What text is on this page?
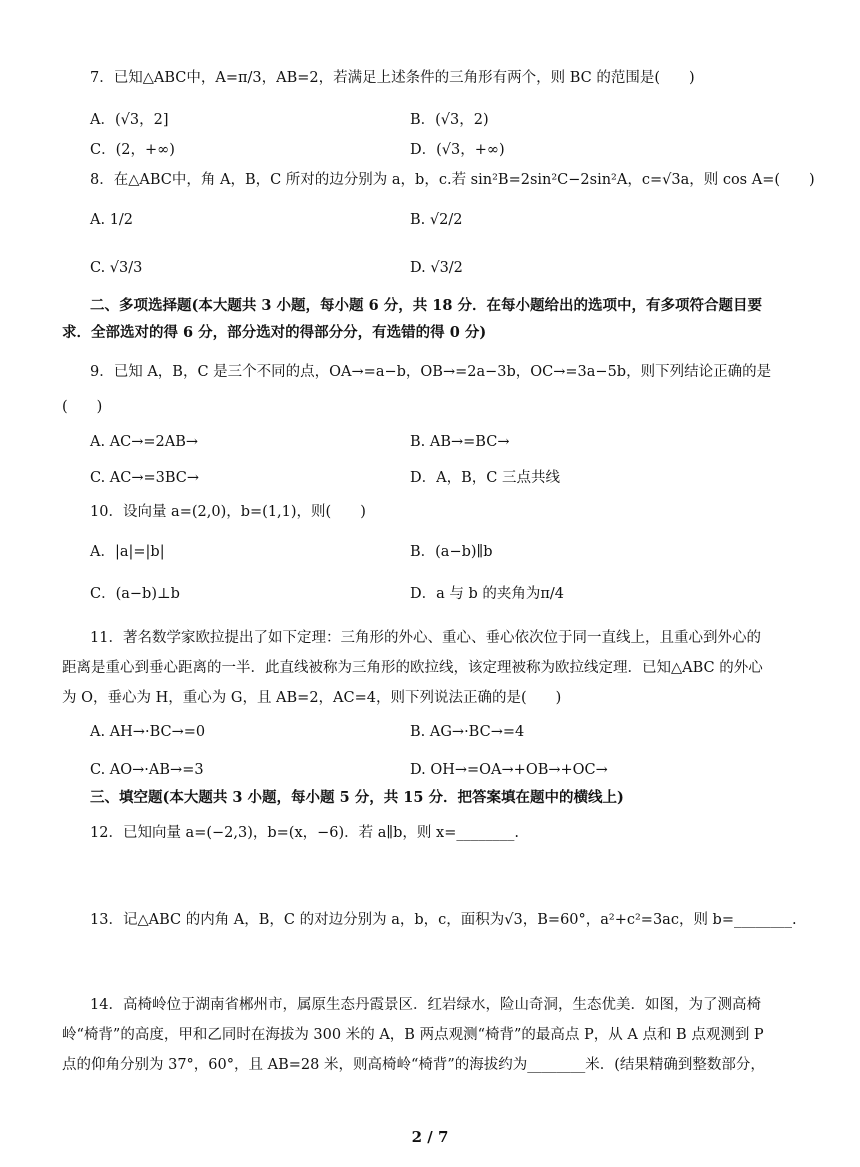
7．已知△ABC中，A=π/3，AB=2，若满足上述条件的三角形有两个，则 BC 的范围是(　　)
A．(√3，2]	B．(√3，2)
C．(2，+∞)	D．(√3，+∞)
8．在△ABC中，角 A，B，C 所对的边分别为 a，b，c.若 sin²B=2sin²C−2sin²A，c=√3a，则 cos A=(　　)
A. 1/2	B. √2/2
C. √3/3	D. √3/2
二、多项选择题(本大题共 3 小题，每小题 6 分，共 18 分．在每小题给出的选项中，有多项符合题目要
求．全部选对的得 6 分，部分选对的得部分分，有选错的得 0 分)
9．已知 A，B，C 是三个不同的点，OA→=a−b，OB→=2a−3b，OC→=3a−5b，则下列结论正确的是
(　　)
A. AC→=2AB→	B. AB→=BC→
C. AC→=3BC→	D．A，B，C 三点共线
10．设向量 a=(2,0)，b=(1,1)，则(　　)
A．|a|=|b|	B．(a−b)∥b
C．(a−b)⊥b	D．a 与 b 的夹角为π/4
11．著名数学家欧拉提出了如下定理：三角形的外心、重心、垂心依次位于同一直线上，且重心到外心的
距离是重心到垂心距离的一半．此直线被称为三角形的欧拉线，该定理被称为欧拉线定理．已知△ABC 的外心
为 O，垂心为 H，重心为 G，且 AB=2，AC=4，则下列说法正确的是(　　)
A. AH→·BC→=0	B. AG→·BC→=4
C. AO→·AB→=3	D. OH→=OA→+OB→+OC→
三、填空题(本大题共 3 小题，每小题 5 分，共 15 分．把答案填在题中的横线上)
12．已知向量 a=(−2,3)，b=(x，−6)．若 a∥b，则 x=________.
13．记△ABC 的内角 A，B，C 的对边分别为 a，b，c，面积为√3，B=60°，a²+c²=3ac，则 b=________.
14．高椅岭位于湖南省郴州市，属原生态丹霞景区．红岩绿水，险山奇洞，生态优美．如图，为了测高椅
岭“椅背”的高度，甲和乙同时在海拔为 300 米的 A，B 两点观测“椅背”的最高点 P，从 A 点和 B 点观测到 P
点的仰角分别为 37°，60°，且 AB=28 米，则高椅岭“椅背”的海拔约为________米．(结果精确到整数部分，
2 / 7
